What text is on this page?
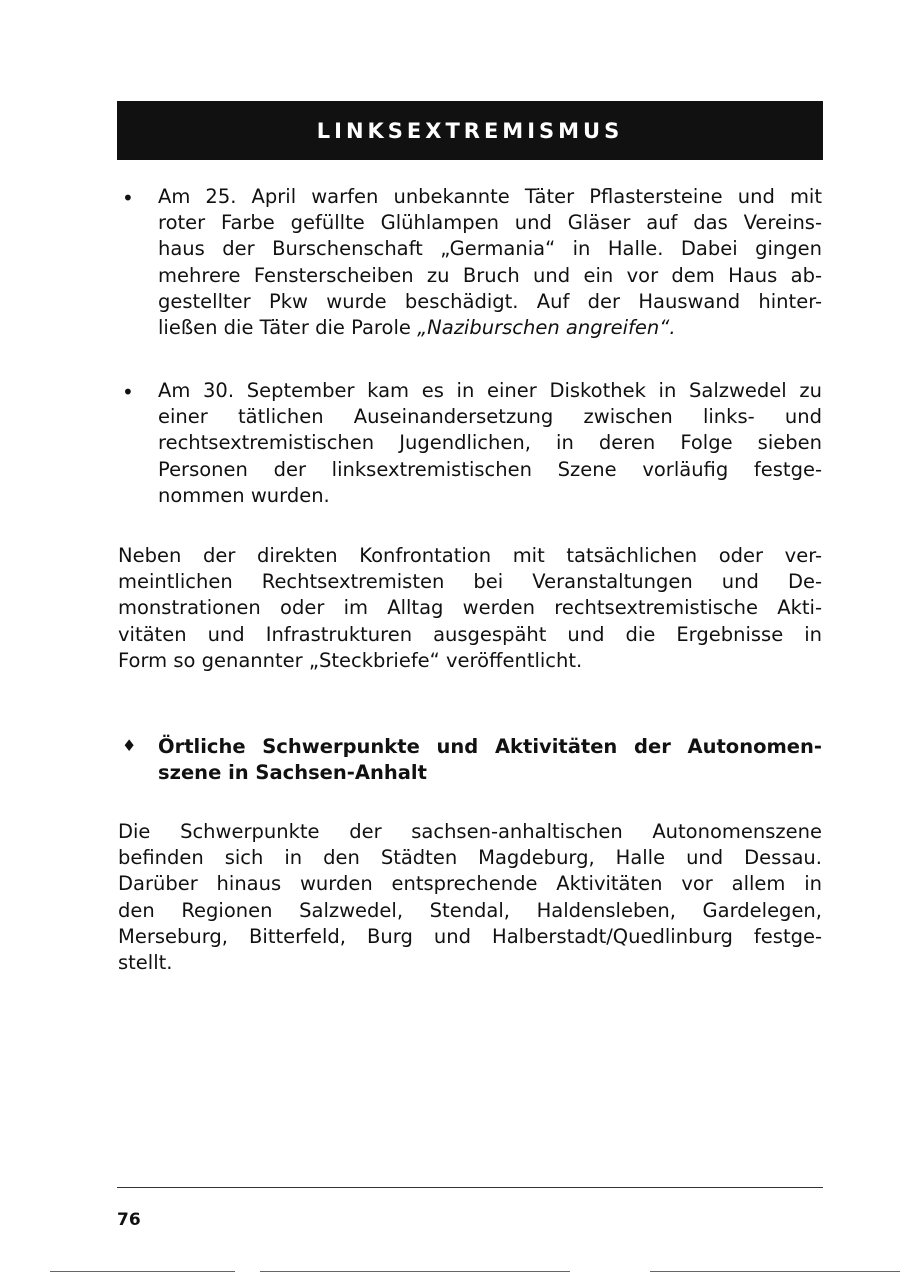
LINKSEXTREMISMUS
• Am 25. April warfen unbekannte Täter Pflastersteine und mit
roter Farbe gefüllte Glühlampen und Gläser auf das Vereins-
haus der Burschenschaft „Germania“ in Halle. Dabei gingen
mehrere Fensterscheiben zu Bruch und ein vor dem Haus ab-
gestellter Pkw wurde beschädigt. Auf der Hauswand hinter-
ließen die Täter die Parole „Naziburschen angreifen“.
• Am 30. September kam es in einer Diskothek in Salzwedel zu
einer tätlichen Auseinandersetzung zwischen links- und
rechtsextremistischen Jugendlichen, in deren Folge sieben
Personen der linksextremistischen Szene vorläufig festge-
nommen wurden.
Neben der direkten Konfrontation mit tatsächlichen oder ver-
meintlichen Rechtsextremisten bei Veranstaltungen und De-
monstrationen oder im Alltag werden rechtsextremistische Akti-
vitäten und Infrastrukturen ausgespäht und die Ergebnisse in
Form so genannter „Steckbriefe“ veröffentlicht.
♦ Örtliche Schwerpunkte und Aktivitäten der Autonomen-
szene in Sachsen-Anhalt
Die Schwerpunkte der sachsen-anhaltischen Autonomenszene
befinden sich in den Städten Magdeburg, Halle und Dessau.
Darüber hinaus wurden entsprechende Aktivitäten vor allem in
den Regionen Salzwedel, Stendal, Haldensleben, Gardelegen,
Merseburg, Bitterfeld, Burg und Halberstadt/Quedlinburg festge-
stellt.
76
